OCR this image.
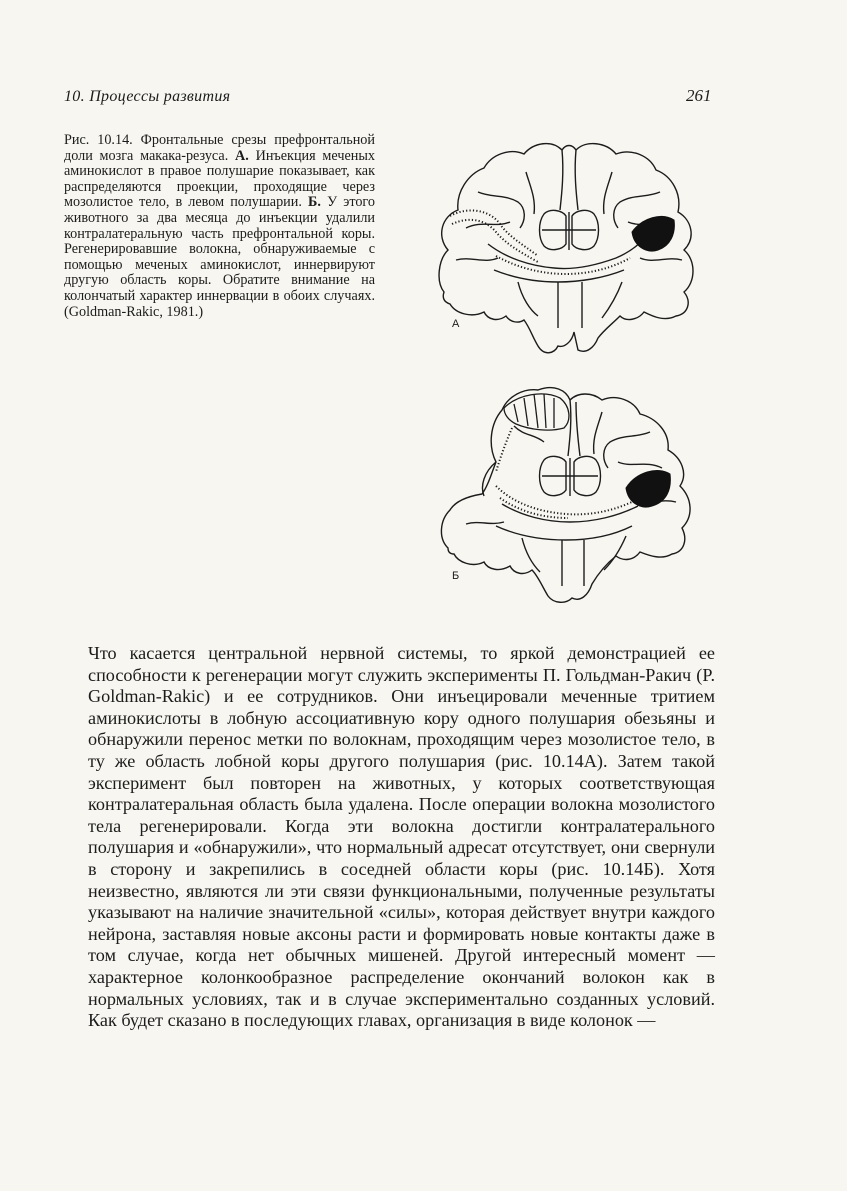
10. Процессы развития	261
Рис. 10.14. Фронтальные срезы префронтальной доли мозга макака-резуса. А. Инъекция меченых аминокислот в правое полушарие показывает, как распределяются проекции, проходящие через мозолистое тело, в левом полушарии. Б. У этого животного за два месяца до инъекции удалили контралатеральную часть префронтальной коры. Регенерировавшие волокна, обнаруживаемые с помощью меченых аминокислот, иннервируют другую область коры. Обратите внимание на колончатый характер иннервации в обоих случаях. (Goldman-Rakic, 1981.)
А
Б

Что касается центральной нервной системы, то яркой демонстрацией ее способности к регенерации могут служить эксперименты П. Гольдман-Ракич (P. Goldman-Rakic) и ее сотрудников. Они инъецировали меченные тритием аминокислоты в лобную ассоциативную кору одного полушария обезьяны и обнаружили перенос метки по волокнам, проходящим через мозолистое тело, в ту же область лобной коры другого полушария (рис. 10.14А). Затем такой эксперимент был повторен на животных, у которых соответствующая контралатеральная область была удалена. После операции волокна мозолистого тела регенерировали. Когда эти волокна достигли контралатерального полушария и «обнаружили», что нормальный адресат отсутствует, они свернули в сторону и закрепились в соседней области коры (рис. 10.14Б). Хотя неизвестно, являются ли эти связи функциональными, полученные результаты указывают на наличие значительной «силы», которая действует внутри каждого нейрона, заставляя новые аксоны расти и формировать новые контакты даже в том случае, когда нет обычных мишеней. Другой интересный момент — характерное колонкообразное распределение окончаний волокон как в нормальных условиях, так и в случае экспериментально созданных условий. Как будет сказано в последующих главах, организация в виде колонок —
